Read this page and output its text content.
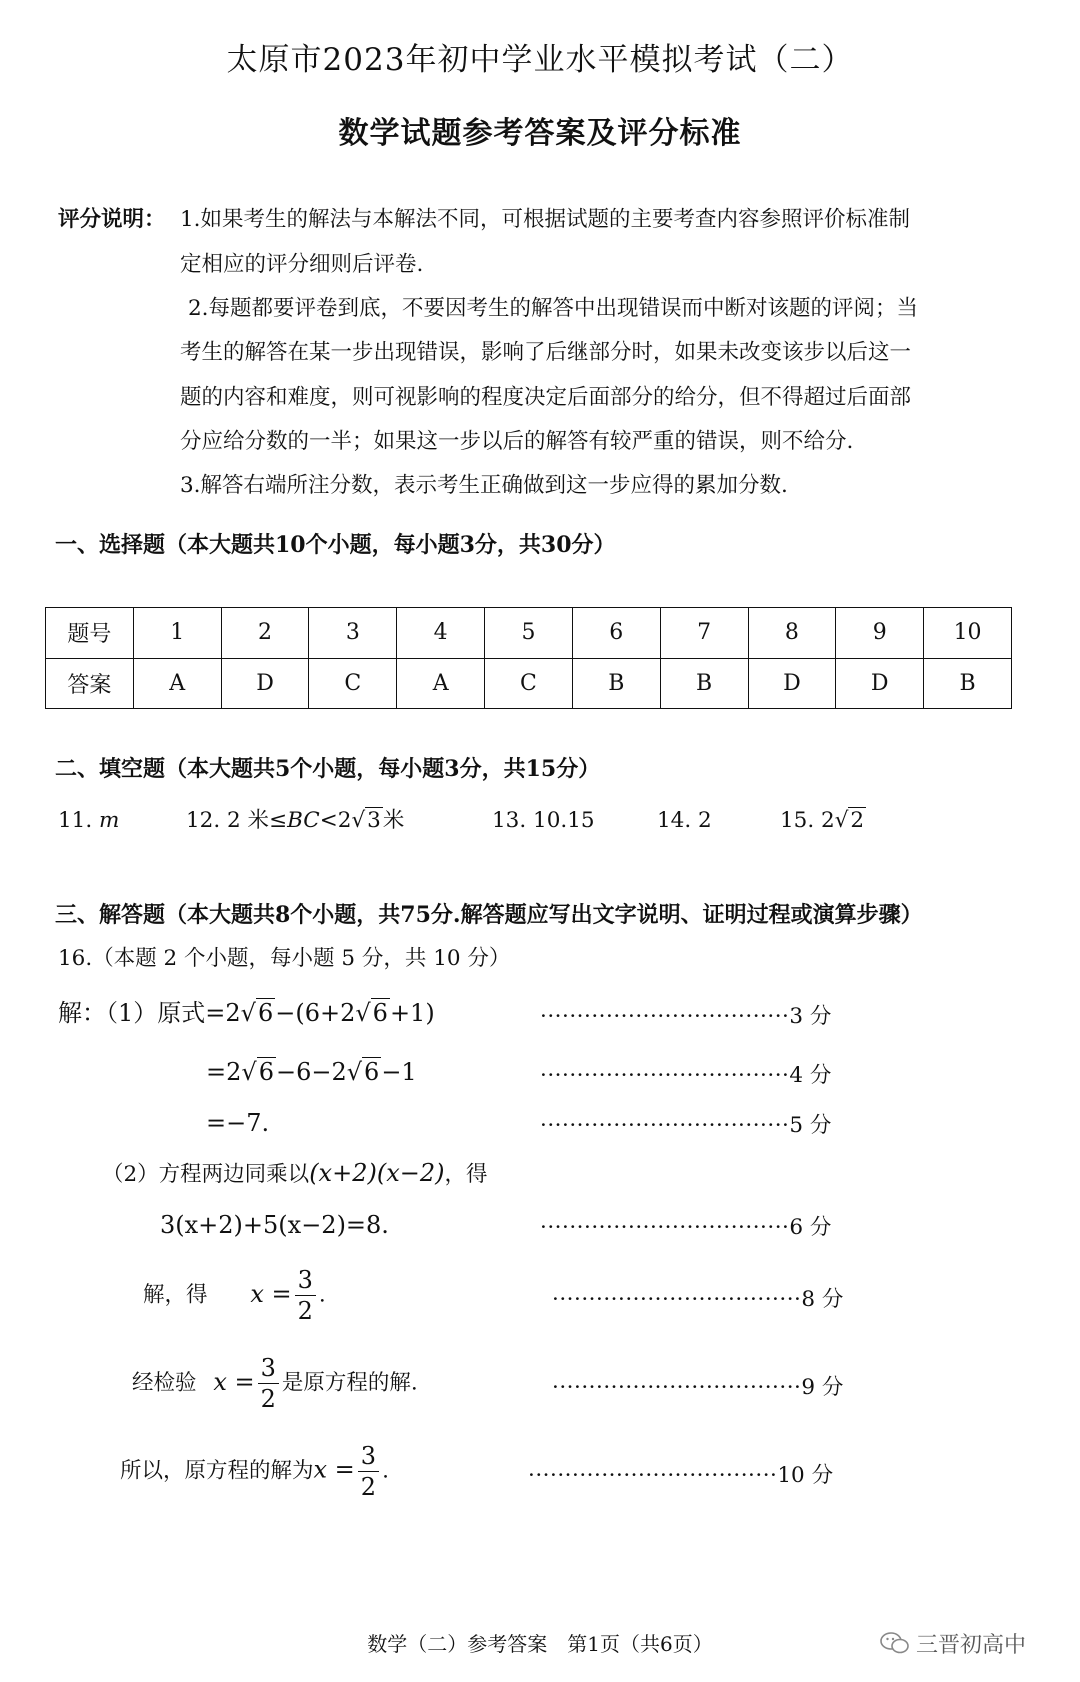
太原市2023年初中学业水平模拟考试（二）
数学试题参考答案及评分标准
评分说明： 1.如果考生的解法与本解法不同，可根据试题的主要考查内容参照评价标准制
定相应的评分细则后评卷.
2.每题都要评卷到底，不要因考生的解答中出现错误而中断对该题的评阅；当
考生的解答在某一步出现错误，影响了后继部分时，如果未改变该步以后这一
题的内容和难度，则可视影响的程度决定后面部分的给分，但不得超过后面部
分应给分数的一半；如果这一步以后的解答有较严重的错误，则不给分.
3.解答右端所注分数，表示考生正确做到这一步应得的累加分数.
一、选择题（本大题共10个小题，每小题3分，共30分）
题号	1	2	3	4	5	6	7	8	9	10
答案	A	D	C	A	C	B	B	D	D	B
二、填空题（本大题共5个小题，每小题3分，共15分）
11. m	12. 2 米≤BC<2√3米	13. 10.15	14. 2	15. 2√2
三、解答题（本大题共8个小题，共75分.解答题应写出文字说明、证明过程或演算步骤）
16.（本题 2 个小题，每小题 5 分，共 10 分）
解：（1）原式=2√6−(6+2√6+1)	··································3 分
=2√6−6−2√6−1	··································4 分
=−7.	··································5 分
（2）方程两边同乘以(x+2)(x−2)，得
3(x+2)+5(x−2)=8.	··································6 分
解，得 $x = \frac{3}{2}$ .	··································8 分
经检验 $x = \frac{3}{2}$ 是原方程的解.	··································9 分
所以，原方程的解为$x = \frac{3}{2}$ .	··································10 分
数学（二）参考答案　第1页（共6页）	三晋初高中
